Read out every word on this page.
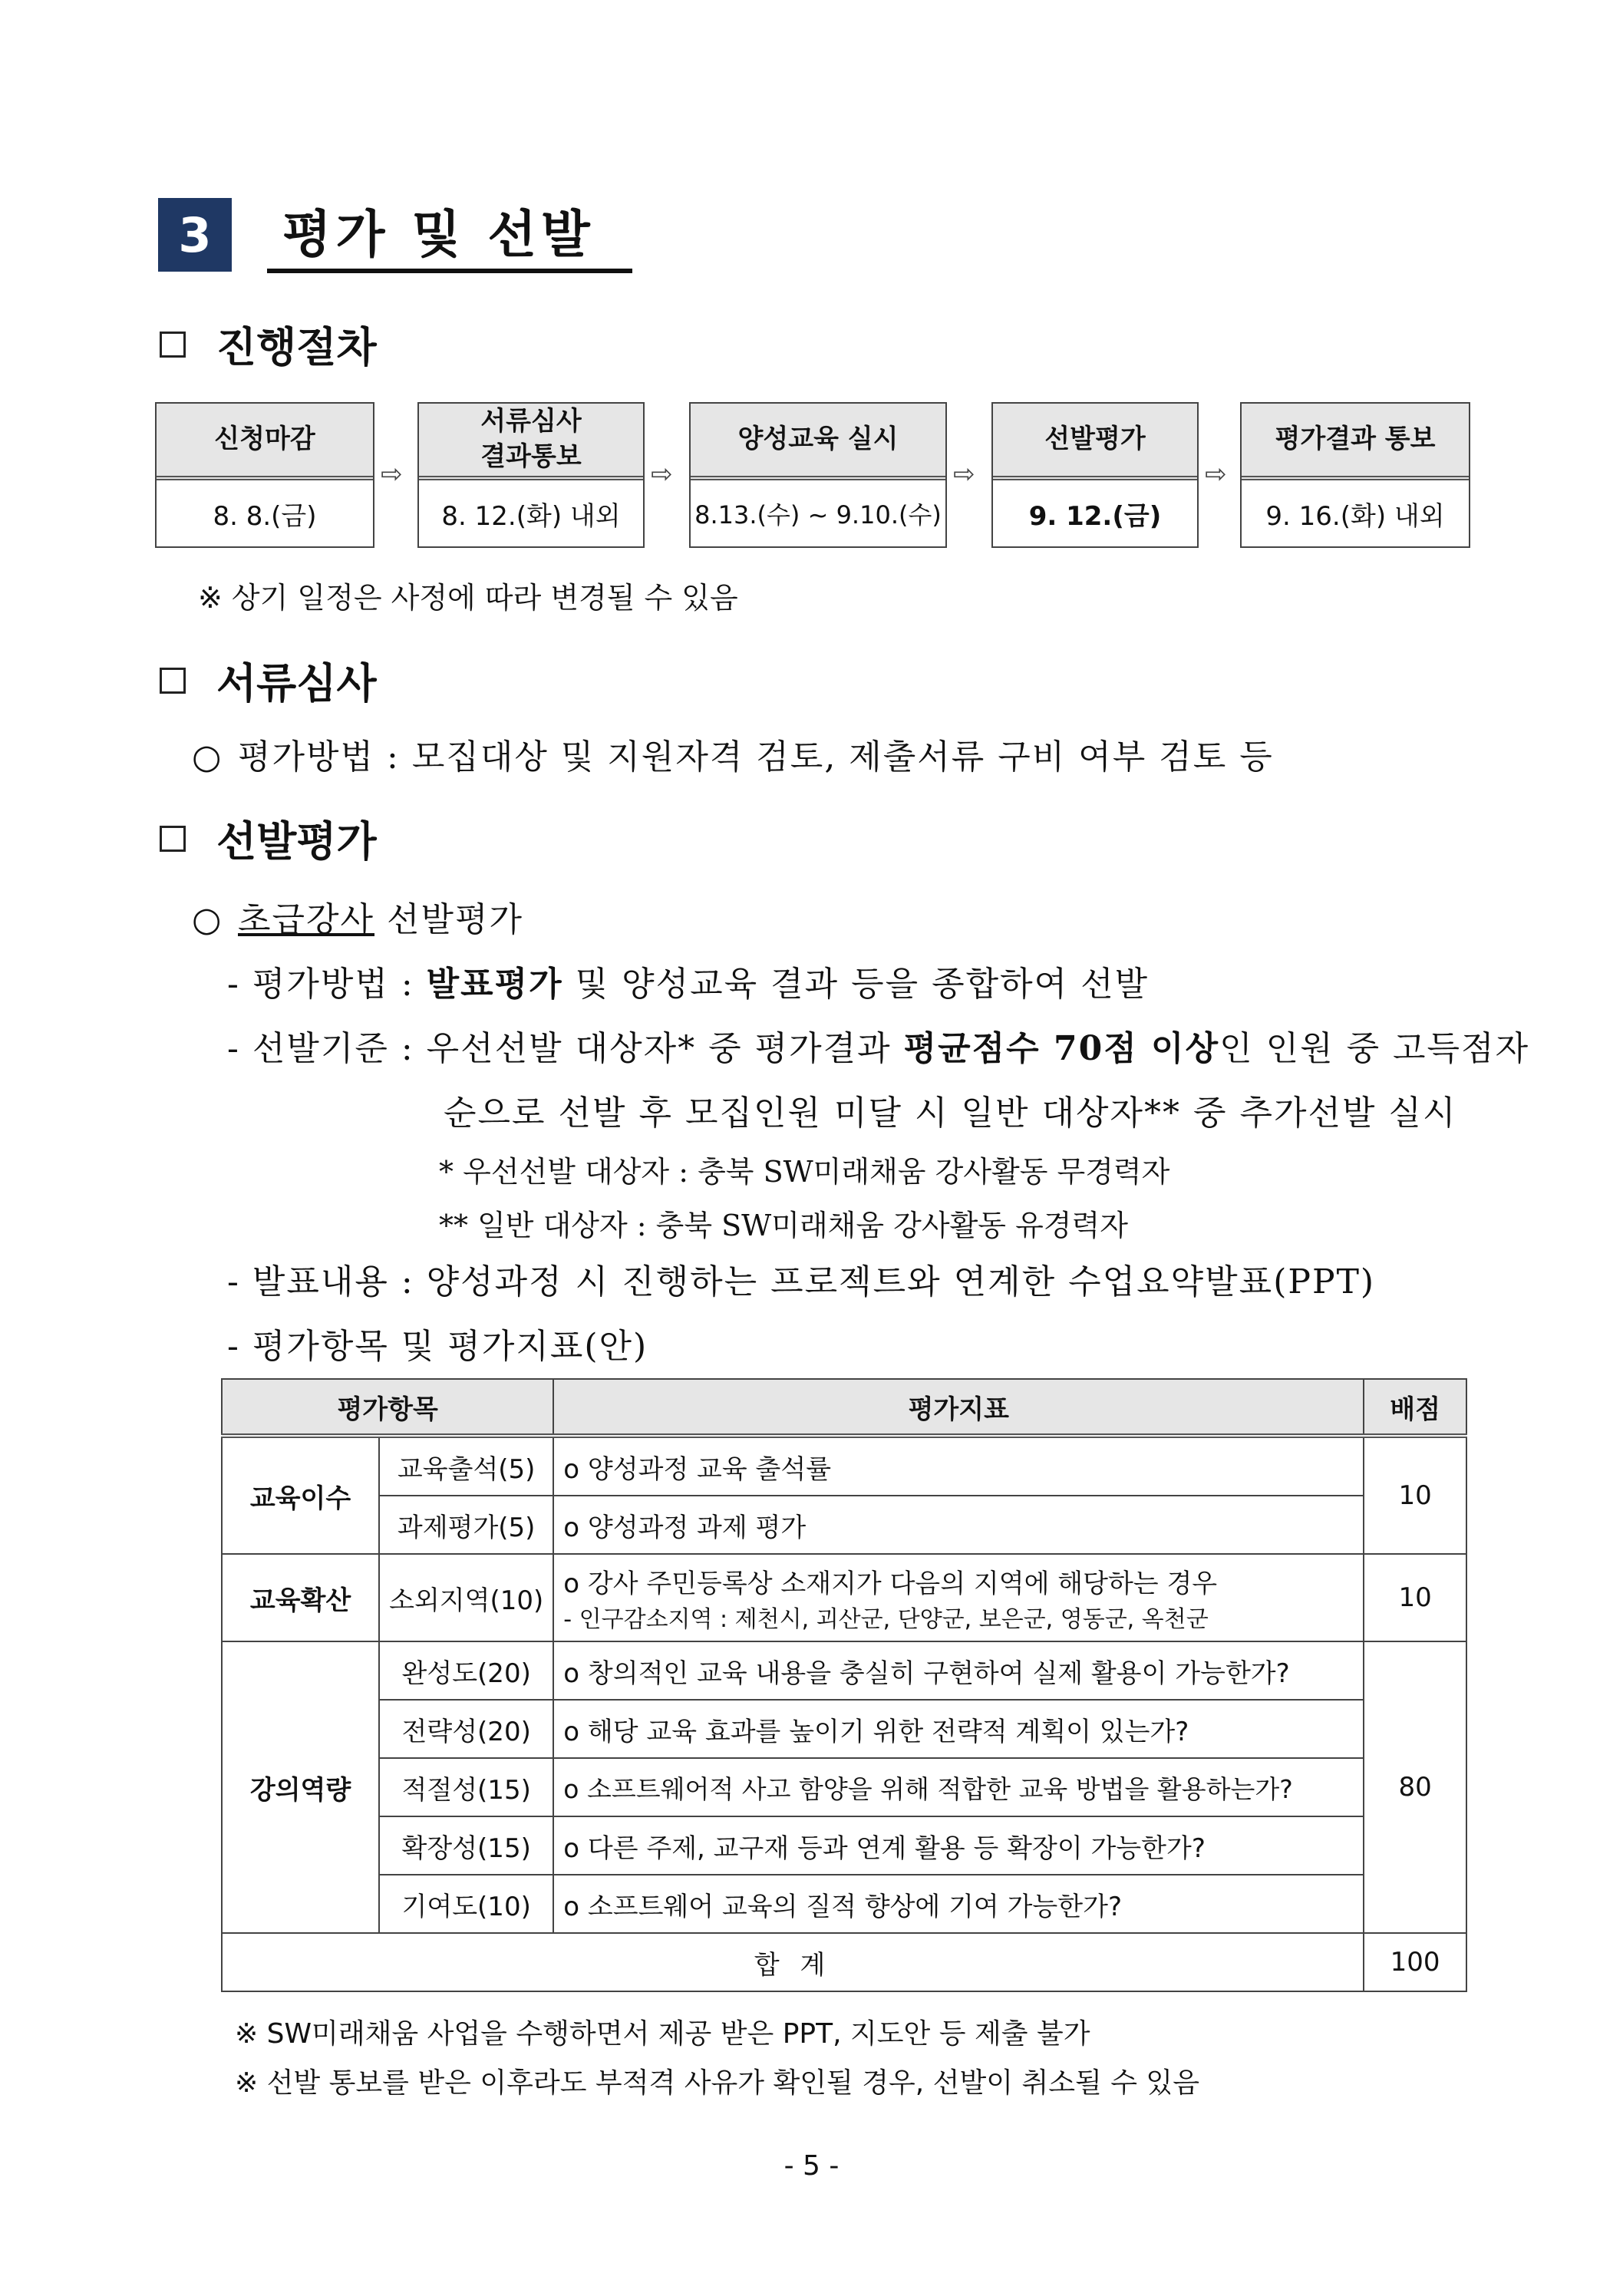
3	평가 및 선발
진행절차
신청마감
8. 8.(금)
⇨
서류심사
결과통보
8. 12.(화) 내외
⇨
양성교육 실시
8.13.(수) ~ 9.10.(수)
⇨
선발평가
9. 12.(금)
⇨
평가결과 통보
9. 16.(화) 내외
※ 상기 일정은 사정에 따라 변경될 수 있음
서류심사
○ 평가방법 : 모집대상 및 지원자격 검토, 제출서류 구비 여부 검토 등
선발평가
○ 초급강사 선발평가
- 평가방법 : 발표평가 및 양성교육 결과 등을 종합하여 선발
- 선발기준 : 우선선발 대상자* 중 평가결과 평균점수 70점 이상인 인원 중 고득점자
순으로 선발 후 모집인원 미달 시 일반 대상자** 중 추가선발 실시
* 우선선발 대상자 : 충북 SW미래채움 강사활동 무경력자
** 일반 대상자 : 충북 SW미래채움 강사활동 유경력자
- 발표내용 : 양성과정 시 진행하는 프로젝트와 연계한 수업요약발표(PPT)
- 평가항목 및 평가지표(안)
평가항목		평가지표	배점
교육이수	교육출석(5)	o 양성과정 교육 출석률	10
	과제평가(5)	o 양성과정 과제 평가	
교육확산	소외지역(10)	o 강사 주민등록상 소재지가 다음의 지역에 해당하는 경우
- 인구감소지역 : 제천시, 괴산군, 단양군, 보은군, 영동군, 옥천군	10
강의역량	완성도(20)	o 창의적인 교육 내용을 충실히 구현하여 실제 활용이 가능한가?	80
	전략성(20)	o 해당 교육 효과를 높이기 위한 전략적 계획이 있는가?	
	적절성(15)	o 소프트웨어적 사고 함양을 위해 적합한 교육 방법을 활용하는가?	
	확장성(15)	o 다른 주제, 교구재 등과 연계 활용 등 확장이 가능한가?	
	기여도(10)	o 소프트웨어 교육의 질적 향상에 기여 가능한가?	
합 계			100
※ SW미래채움 사업을 수행하면서 제공 받은 PPT, 지도안 등 제출 불가
※ 선발 통보를 받은 이후라도 부적격 사유가 확인될 경우, 선발이 취소될 수 있음
- 5 -
